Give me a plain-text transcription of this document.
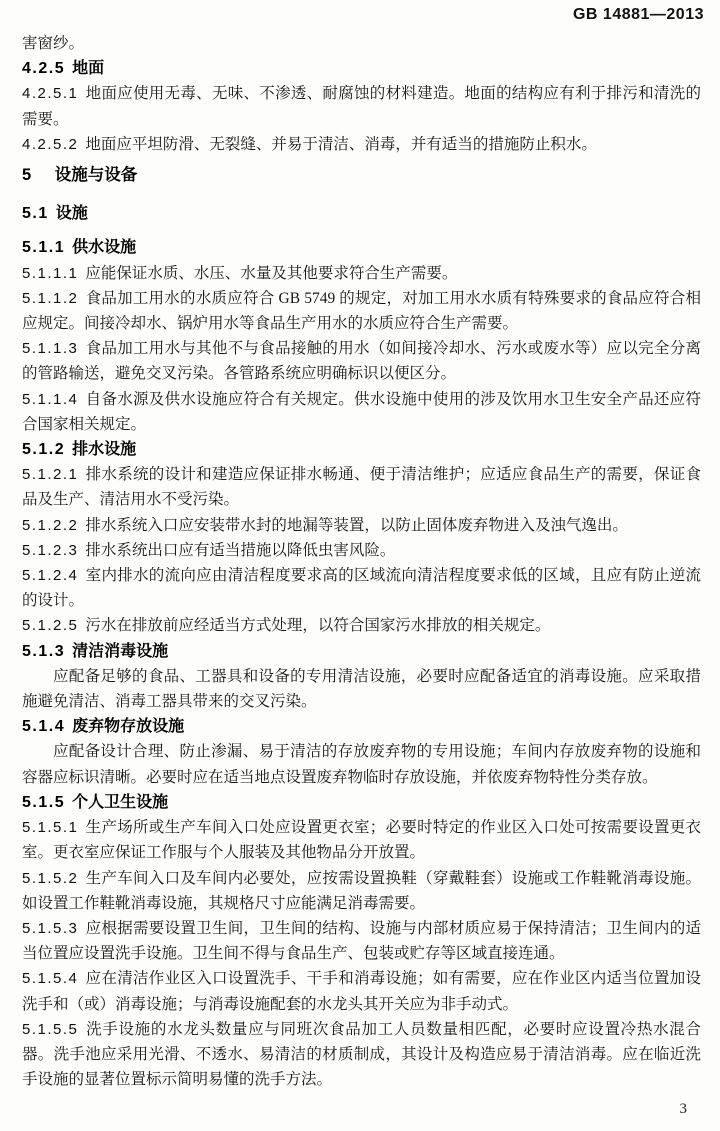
GB 14881—2013

害窗纱。

4.2.5 地面

4.2.5.1 地面应使用无毒、无味、不渗透、耐腐蚀的材料建造。地面的结构应有利于排污和清洗的需要。

4.2.5.2 地面应平坦防滑、无裂缝、并易于清洁、消毒，并有适当的措施防止积水。

5 设施与设备
5.1 设施
5.1.1 供水设施

5.1.1.1 应能保证水质、水压、水量及其他要求符合生产需要。

5.1.1.2 食品加工用水的水质应符合 GB 5749 的规定，对加工用水水质有特殊要求的食品应符合相应规定。间接冷却水、锅炉用水等食品生产用水的水质应符合生产需要。

5.1.1.3 食品加工用水与其他不与食品接触的用水（如间接冷却水、污水或废水等）应以完全分离的管路输送，避免交叉污染。各管路系统应明确标识以便区分。

5.1.1.4 自备水源及供水设施应符合有关规定。供水设施中使用的涉及饮用水卫生安全产品还应符合国家相关规定。

5.1.2 排水设施

5.1.2.1 排水系统的设计和建造应保证排水畅通、便于清洁维护；应适应食品生产的需要，保证食品及生产、清洁用水不受污染。

5.1.2.2 排水系统入口应安装带水封的地漏等装置，以防止固体废弃物进入及浊气逸出。

5.1.2.3 排水系统出口应有适当措施以降低虫害风险。

5.1.2.4 室内排水的流向应由清洁程度要求高的区域流向清洁程度要求低的区域，且应有防止逆流的设计。

5.1.2.5 污水在排放前应经适当方式处理，以符合国家污水排放的相关规定。

5.1.3 清洁消毒设施

应配备足够的食品、工器具和设备的专用清洁设施，必要时应配备适宜的消毒设施。应采取措施避免清洁、消毒工器具带来的交叉污染。

5.1.4 废弃物存放设施

应配备设计合理、防止渗漏、易于清洁的存放废弃物的专用设施；车间内存放废弃物的设施和容器应标识清晰。必要时应在适当地点设置废弃物临时存放设施，并依废弃物特性分类存放。

5.1.5 个人卫生设施

5.1.5.1 生产场所或生产车间入口处应设置更衣室；必要时特定的作业区入口处可按需要设置更衣室。更衣室应保证工作服与个人服装及其他物品分开放置。

5.1.5.2 生产车间入口及车间内必要处，应按需设置换鞋（穿戴鞋套）设施或工作鞋靴消毒设施。如设置工作鞋靴消毒设施，其规格尺寸应能满足消毒需要。

5.1.5.3 应根据需要设置卫生间，卫生间的结构、设施与内部材质应易于保持清洁；卫生间内的适当位置应设置洗手设施。卫生间不得与食品生产、包装或贮存等区域直接连通。

5.1.5.4 应在清洁作业区入口设置洗手、干手和消毒设施；如有需要，应在作业区内适当位置加设洗手和（或）消毒设施；与消毒设施配套的水龙头其开关应为非手动式。

5.1.5.5 洗手设施的水龙头数量应与同班次食品加工人员数量相匹配，必要时应设置冷热水混合器。洗手池应采用光滑、不透水、易清洁的材质制成，其设计及构造应易于清洁消毒。应在临近洗手设施的显著位置标示简明易懂的洗手方法。

3
